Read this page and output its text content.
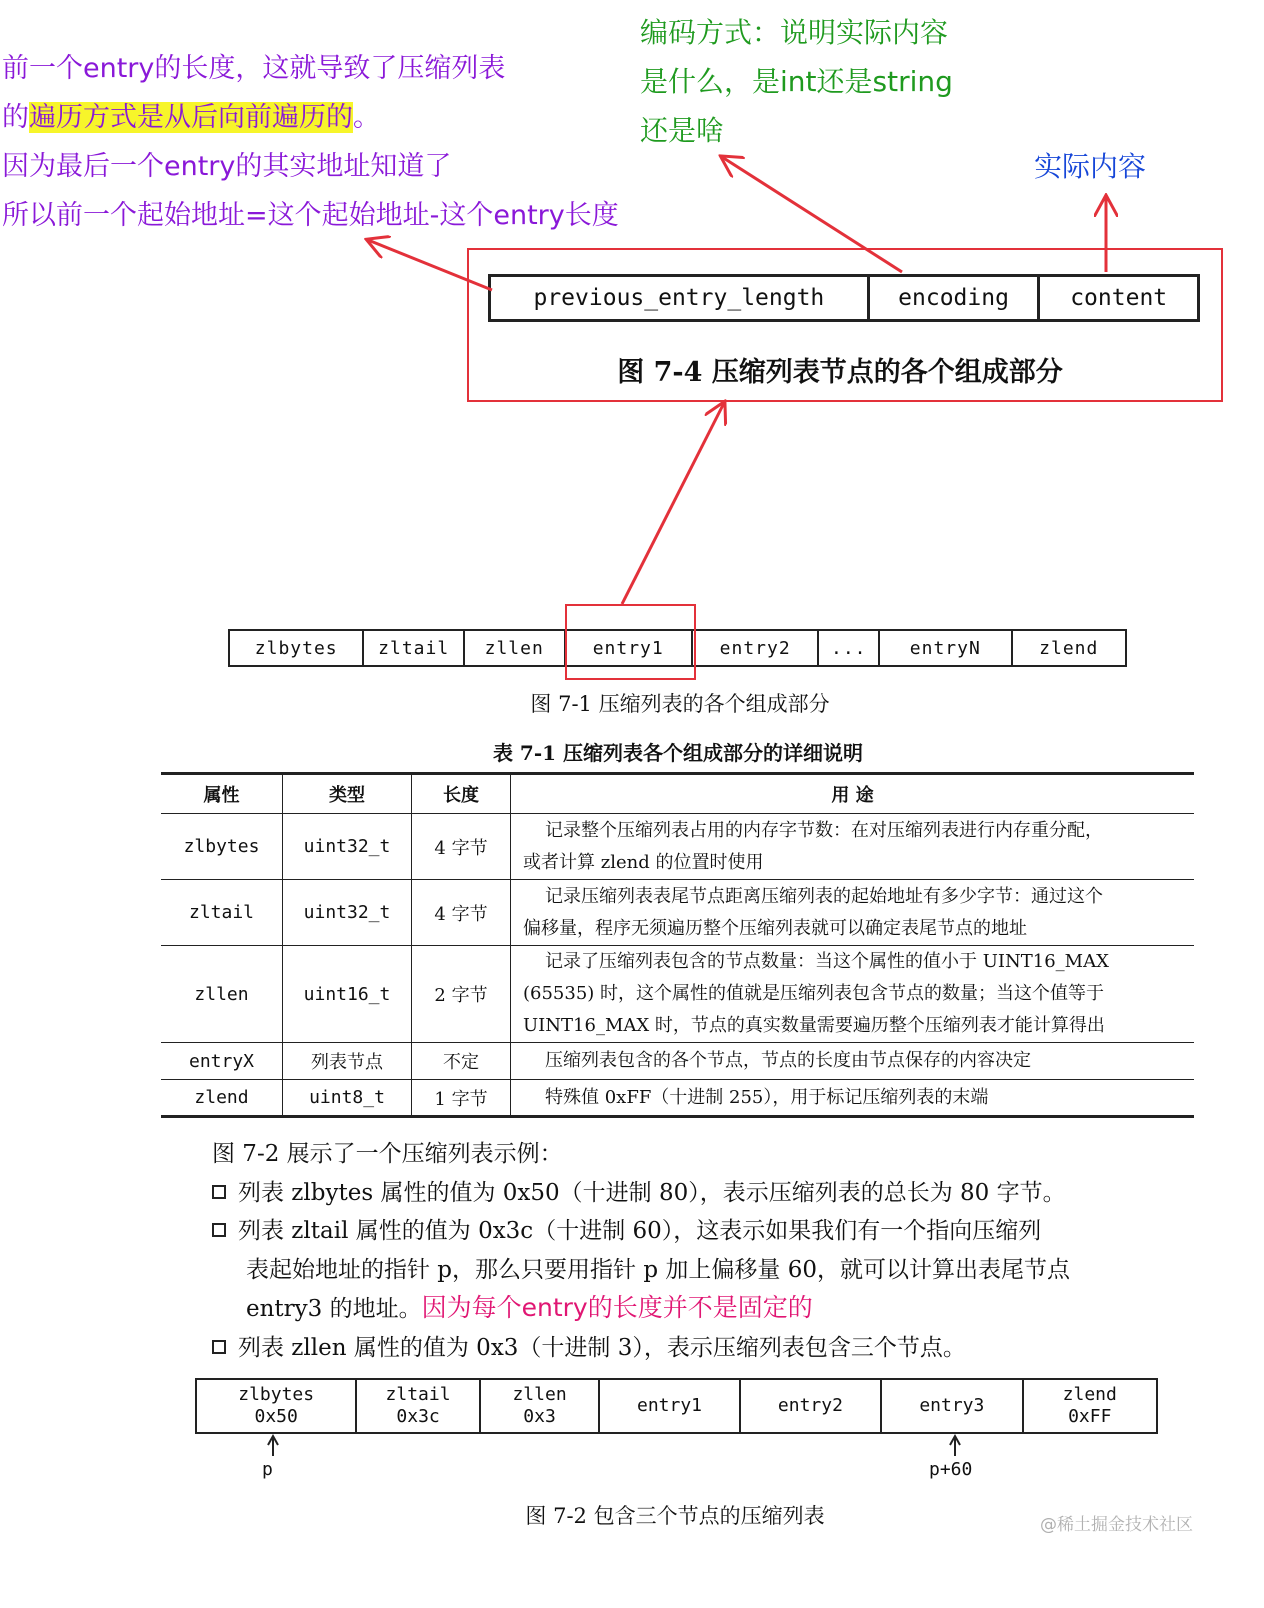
前一个entry的长度，这就导致了压缩列表
的遍历方式是从后向前遍历的。
因为最后一个entry的其实地址知道了
所以前一个起始地址=这个起始地址-这个entry长度
编码方式：说明实际内容
是什么，是int还是string
还是啥
实际内容
previous_entry_length	encoding	content
图 7-4 压缩列表节点的各个组成部分
zlbytes	zltail	zllen	entry1	entry2	...	entryN	zlend
图 7-1 压缩列表的各个组成部分
表 7-1 压缩列表各个组成部分的详细说明
属性	类型	长度	用 途
zlbytes	uint32_t	4 字节	记录整个压缩列表占用的内存字节数：在对压缩列表进行内存重分配，
或者计算 zlend 的位置时使用

zltail	uint32_t	4 字节	记录压缩列表表尾节点距离压缩列表的起始地址有多少字节：通过这个
偏移量，程序无须遍历整个压缩列表就可以确定表尾节点的地址

zllen	uint16_t	2 字节	记录了压缩列表包含的节点数量：当这个属性的值小于 UINT16_MAX
(65535) 时，这个属性的值就是压缩列表包含节点的数量；当这个值等于
UINT16_MAX 时，节点的真实数量需要遍历整个压缩列表才能计算得出

entryX	列表节点	不定	压缩列表包含的各个节点，节点的长度由节点保存的内容决定

zlend	uint8_t	1 字节	特殊值 0xFF（十进制 255），用于标记压缩列表的末端
图 7-2 展示了一个压缩列表示例：
列表 zlbytes 属性的值为 0x50（十进制 80），表示压缩列表的总长为 80 字节。
列表 zltail 属性的值为 0x3c（十进制 60），这表示如果我们有一个指向压缩列
表起始地址的指针 p，那么只要用指针 p 加上偏移量 60，就可以计算出表尾节点
entry3 的地址。因为每个entry的长度并不是固定的
列表 zllen 属性的值为 0x3（十进制 3），表示压缩列表包含三个节点。
zlbytes
0x50
zltail
0x3c
zllen
0x3
entry1	entry2	entry3
zlend
0xFF
p	p+60
图 7-2 包含三个节点的压缩列表	@稀土掘金技术社区
